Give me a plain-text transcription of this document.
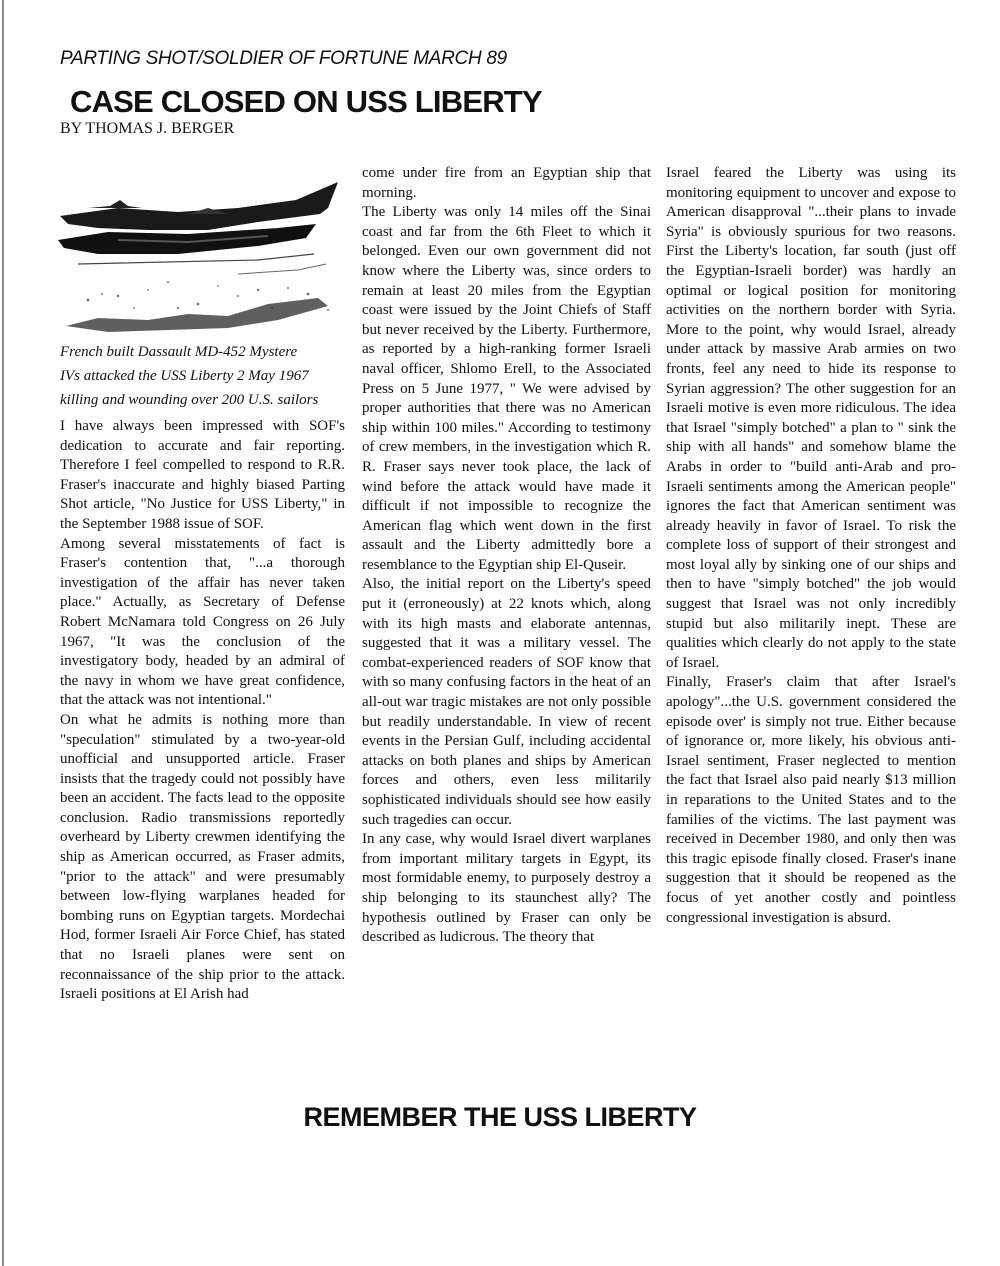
PARTING SHOT/SOLDIER OF FORTUNE MARCH 89
CASE CLOSED ON USS LIBERTY
BY THOMAS J. BERGER
French built Dassault MD-452 Mystere
IVs attacked the USS Liberty 2 May 1967
killing and wounding over 200 U.S. sailors

I have always been impressed with SOF's dedication to accurate and fair reporting. Therefore I feel compelled to respond to R.R. Fraser's inaccurate and highly biased Parting Shot article, "No Justice for USS Liberty," in the September 1988 issue of SOF.

Among several misstatements of fact is Fraser's contention that, "...a thorough investigation of the affair has never taken place." Actually, as Secretary of Defense Robert McNamara told Congress on 26 July 1967, "It was the conclusion of the investigatory body, headed by an admiral of the navy in whom we have great confidence, that the attack was not intentional."

On what he admits is nothing more than "speculation" stimulated by a two-year-old unofficial and unsupported article. Fraser insists that the tragedy could not possibly have been an accident. The facts lead to the opposite conclusion. Radio transmissions reportedly overheard by Liberty crewmen identifying the ship as American occurred, as Fraser admits, "prior to the attack" and were presumably between low-flying warplanes headed for bombing runs on Egyptian targets. Mordechai Hod, former Israeli Air Force Chief, has stated that no Israeli planes were sent on reconnaissance of the ship prior to the attack. Israeli positions at El Arish had

come under fire from an Egyptian ship that morning.

The Liberty was only 14 miles off the Sinai coast and far from the 6th Fleet to which it belonged. Even our own government did not know where the Liberty was, since orders to remain at least 20 miles from the Egyptian coast were issued by the Joint Chiefs of Staff but never received by the Liberty. Furthermore, as reported by a high-ranking former Israeli naval officer, Shlomo Erell, to the Associated Press on 5 June 1977, " We were advised by proper authorities that there was no American ship within 100 miles." According to testimony of crew members, in the investigation which R. R. Fraser says never took place, the lack of wind before the attack would have made it difficult if not impossible to recognize the American flag which went down in the first assault and the Liberty admittedly bore a resemblance to the Egyptian ship El-Quseir.

Also, the initial report on the Liberty's speed put it (erroneously) at 22 knots which, along with its high masts and elaborate antennas, suggested that it was a military vessel. The combat-experienced readers of SOF know that with so many confusing factors in the heat of an all-out war tragic mistakes are not only possible but readily understandable. In view of recent events in the Persian Gulf, including accidental attacks on both planes and ships by American forces and others, even less militarily sophisticated individuals should see how easily such tragedies can occur.

In any case, why would Israel divert warplanes from important military targets in Egypt, its most formidable enemy, to purposely destroy a ship belonging to its staunchest ally? The hypothesis outlined by Fraser can only be described as ludicrous. The theory that

Israel feared the Liberty was using its monitoring equipment to uncover and expose to American disapproval "...their plans to invade Syria" is obviously spurious for two reasons. First the Liberty's location, far south (just off the Egyptian-Israeli border) was hardly an optimal or logical position for monitoring activities on the northern border with Syria. More to the point, why would Israel, already under attack by massive Arab armies on two fronts, feel any need to hide its response to Syrian aggression? The other suggestion for an Israeli motive is even more ridiculous. The idea that Israel "simply botched" a plan to " sink the ship with all hands" and somehow blame the Arabs in order to "build anti-Arab and pro-Israeli sentiments among the American people" ignores the fact that American sentiment was already heavily in favor of Israel. To risk the complete loss of support of their strongest and most loyal ally by sinking one of our ships and then to have "simply botched" the job would suggest that Israel was not only incredibly stupid but also militarily inept. These are qualities which clearly do not apply to the state of Israel.

Finally, Fraser's claim that after Israel's apology"...the U.S. government considered the episode over' is simply not true. Either because of ignorance or, more likely, his obvious anti-Israel sentiment, Fraser neglected to mention the fact that Israel also paid nearly $13 million in reparations to the United States and to the families of the victims. The last payment was received in December 1980, and only then was this tragic episode finally closed. Fraser's inane suggestion that it should be reopened as the focus of yet another costly and pointless congressional investigation is absurd.

REMEMBER THE USS LIBERTY
